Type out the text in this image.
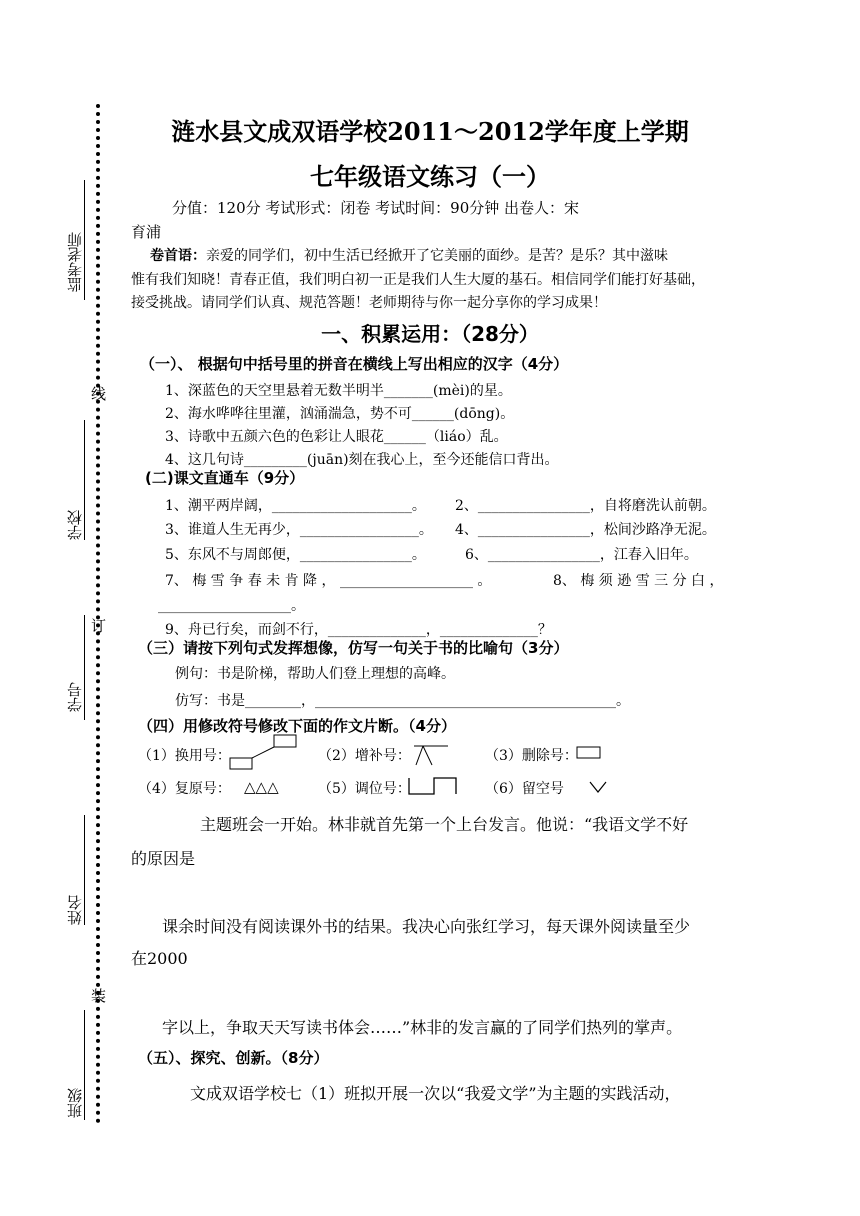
监考老师
学校
学号
姓名
班级
线
订
装
涟水县文成双语学校2011～2012学年度上学期
七年级语文练习（一）
分值：120分 考试形式：闭卷 考试时间：90分钟 出卷人：宋
育浦
卷首语：亲爱的同学们，初中生活已经掀开了它美丽的面纱。是苦？是乐？其中滋味
惟有我们知晓！青春正值，我们明白初一正是我们人生大厦的基石。相信同学们能打好基础，
接受挑战。请同学们认真、规范答题！老师期待与你一起分享你的学习成果！
一、积累运用：（28分）
（一）、 根据句中括号里的拼音在横线上写出相应的汉字（4分）
1、深蓝色的天空里悬着无数半明半_______(mèi)的星。
2、海水哗哗往里灌，汹涌湍急，势不可______(dōng)。
3、诗歌中五颜六色的色彩让人眼花______（liáo）乱。
4、这几句诗_________(juān)刻在我心上，至今还能信口背出。
(二)课文直通车（9分）
1、潮平两岸阔，____________________。 2、________________，自将磨洗认前朝。
3、谁道人生无再少，_________________。 4、________________，松间沙路净无泥。
5、东风不与周郎便，________________。	6、________________，江春入旧年。
7、 梅 雪 争 春 未 肯 降 ， ___________________ 。	8、 梅 须 逊 雪 三 分 白 ，
___________________。
9、舟已行矣，而剑不行，______________，______________？
（三）请按下列句式发挥想像，仿写一句关于书的比喻句（3分）
例句：书是阶梯，帮助人们登上理想的高峰。
仿写：书是________，___________________________________________。
（四）用修改符号修改下面的作文片断。（4分）
（1）换用号：	（2）增补号：	（3）删除号：
（4）复原号： △△△	（5）调位号：	（6）留空号
主题班会一开始。林非就首先第一个上台发言。他说：“我语文学不好
的原因是
课余时间没有阅读课外书的结果。我决心向张红学习，每天课外阅读量至少
在2000
字以上，争取天天写读书体会……”林非的发言赢的了同学们热列的掌声。
（五）、探究、创新。（8分）
文成双语学校七（1）班拟开展一次以“我爱文学”为主题的实践活动，
